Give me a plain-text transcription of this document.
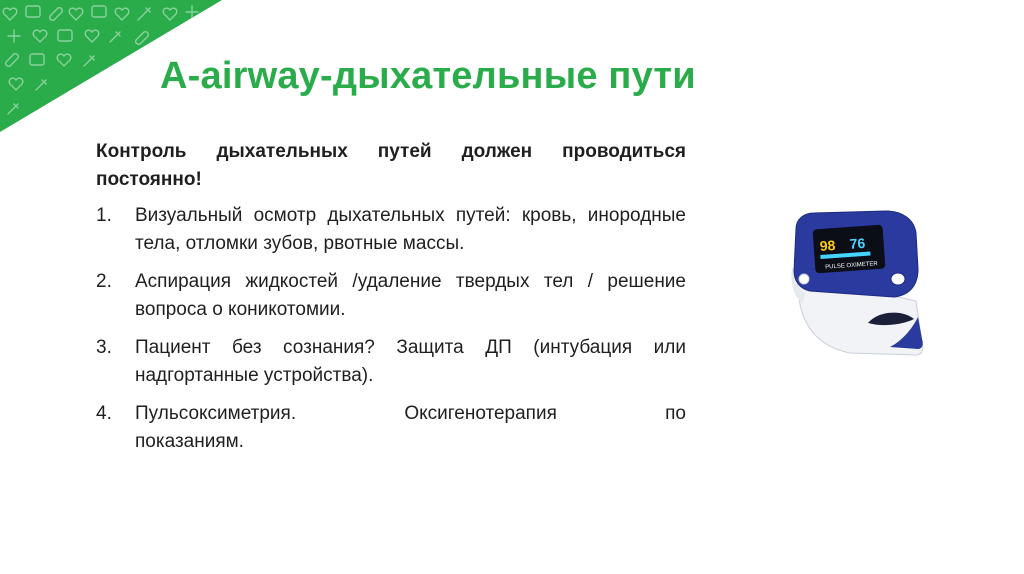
A-airway-дыхательные пути
Контроль дыхательных путей должен проводиться постоянно!
1. Визуальный осмотр дыхательных путей: кровь, инородные тела, отломки зубов, рвотные массы.
2. Аспирация жидкостей /удаление твердых тел / решение вопроса о коникотомии.
3. Пациент без сознания? Защита ДП (интубация или надгортанные устройства).
4. Пульсоксиметрия.	Оксигенотерапия	по
показаниям.
98 76
PULSE OXIMETER
